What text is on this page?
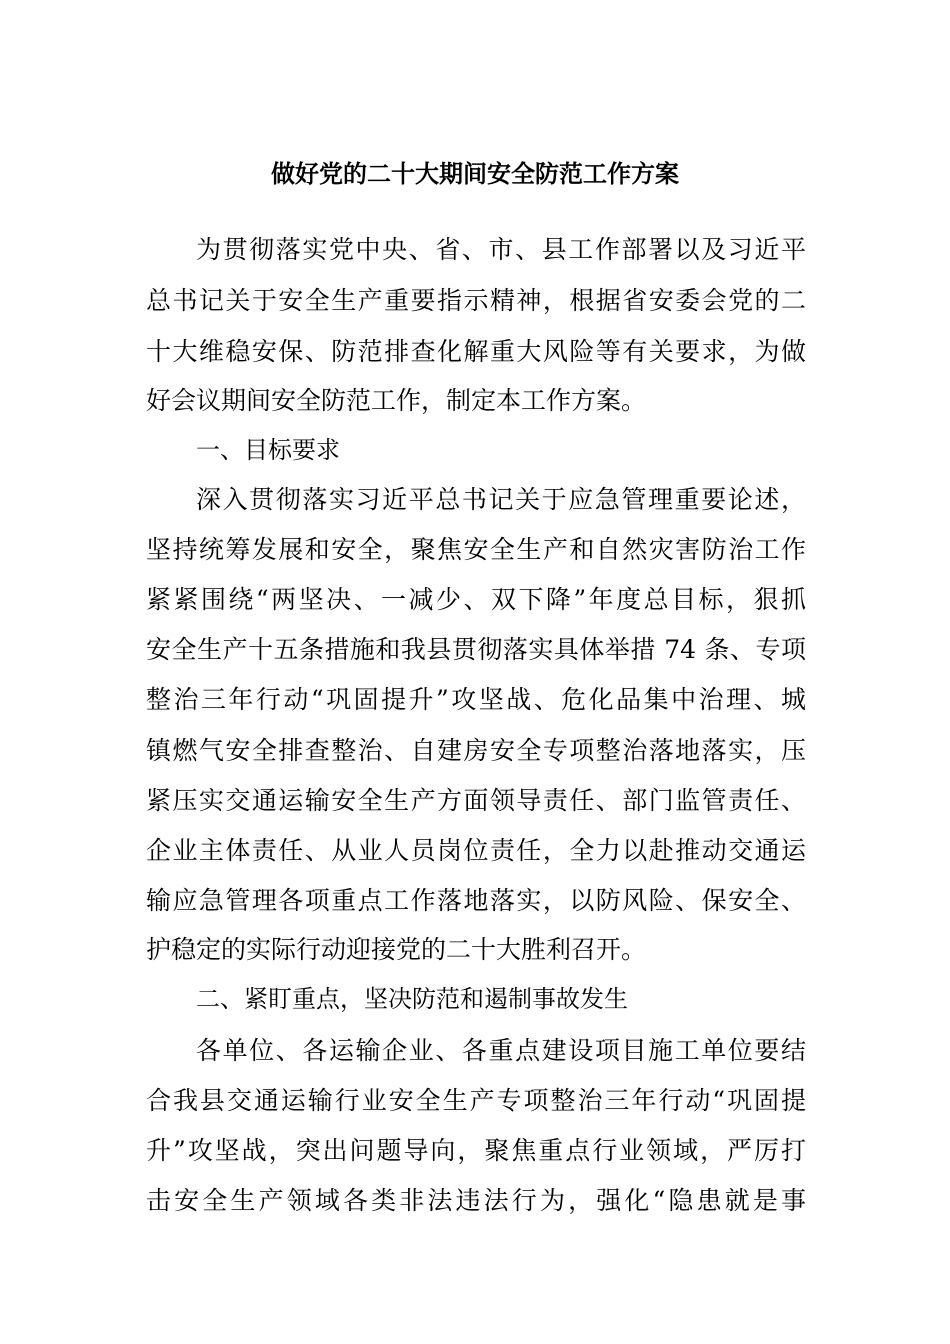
做好党的二十大期间安全防范工作方案
为贯彻落实党中央、省、市、县工作部署以及习近平
总书记关于安全生产重要指示精神，根据省安委会党的二
十大维稳安保、防范排查化解重大风险等有关要求，为做
好会议期间安全防范工作，制定本工作方案。
一、目标要求
深入贯彻落实习近平总书记关于应急管理重要论述，
坚持统筹发展和安全，聚焦安全生产和自然灾害防治工作
紧紧围绕“两坚决、一减少、双下降”年度总目标，狠抓
安全生产十五条措施和我县贯彻落实具体举措 74 条、专项
整治三年行动“巩固提升”攻坚战、危化品集中治理、城
镇燃气安全排查整治、自建房安全专项整治落地落实，压
紧压实交通运输安全生产方面领导责任、部门监管责任、
企业主体责任、从业人员岗位责任，全力以赴推动交通运
输应急管理各项重点工作落地落实，以防风险、保安全、
护稳定的实际行动迎接党的二十大胜利召开。
二、紧盯重点，坚决防范和遏制事故发生
各单位、各运输企业、各重点建设项目施工单位要结
合我县交通运输行业安全生产专项整治三年行动“巩固提
升”攻坚战，突出问题导向，聚焦重点行业领域，严厉打
击安全生产领域各类非法违法行为，强化“隐患就是事
